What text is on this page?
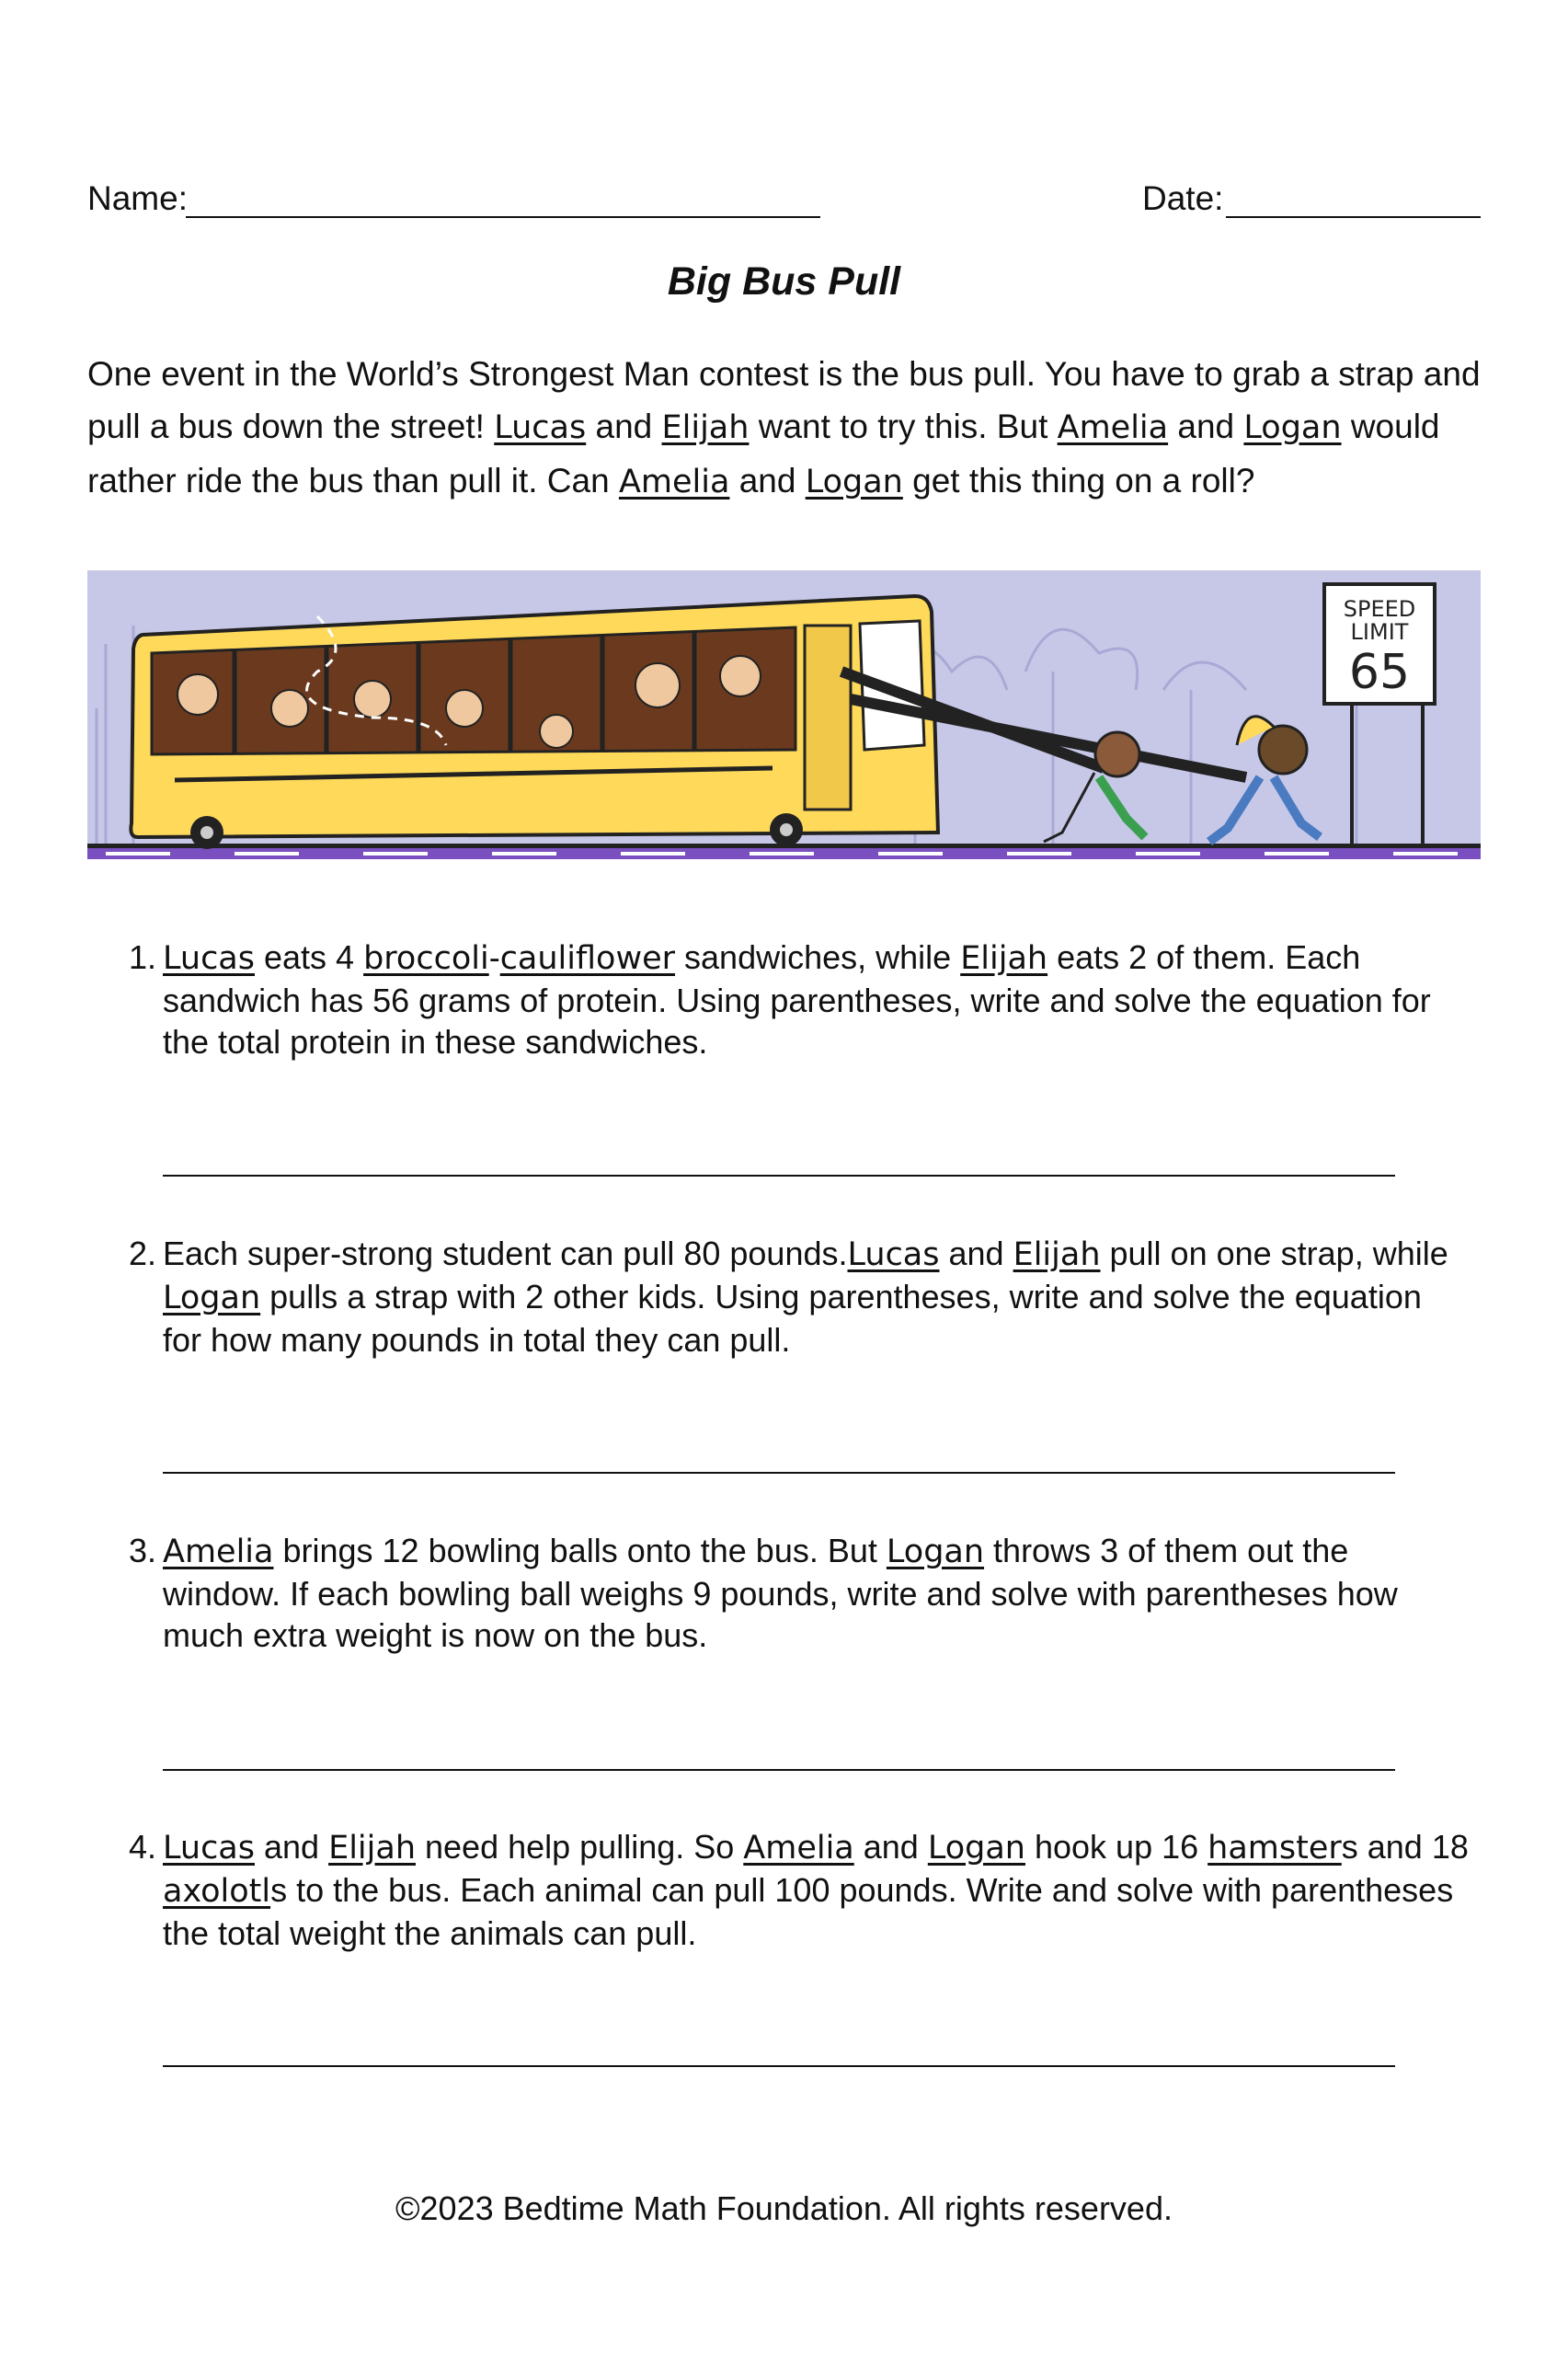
Name:	Date:
Big Bus Pull
One event in the World’s Strongest Man contest is the bus pull. You have to grab a strap and pull a bus down the street! Lucas and Elijah want to try this. But Amelia and Logan would rather ride the bus than pull it. Can Amelia and Logan get this thing on a roll?
SPEED
LIMIT
65
1. Lucas eats 4 broccoli-cauliflower sandwiches, while Elijah eats 2 of them. Each sandwich has 56 grams of protein. Using parentheses, write and solve the equation for the total protein in these sandwiches.
2. Each super-strong student can pull 80 pounds.Lucas and Elijah pull on one strap, while Logan pulls a strap with 2 other kids. Using parentheses, write and solve the equation for how many pounds in total they can pull.
3. Amelia brings 12 bowling balls onto the bus. But Logan throws 3 of them out the window. If each bowling ball weighs 9 pounds, write and solve with parentheses how much extra weight is now on the bus.
4. Lucas and Elijah need help pulling. So Amelia and Logan hook up 16 hamsters and 18 axolotls to the bus. Each animal can pull 100 pounds. Write and solve with parentheses the total weight the animals can pull.
©2023 Bedtime Math Foundation. All rights reserved.
